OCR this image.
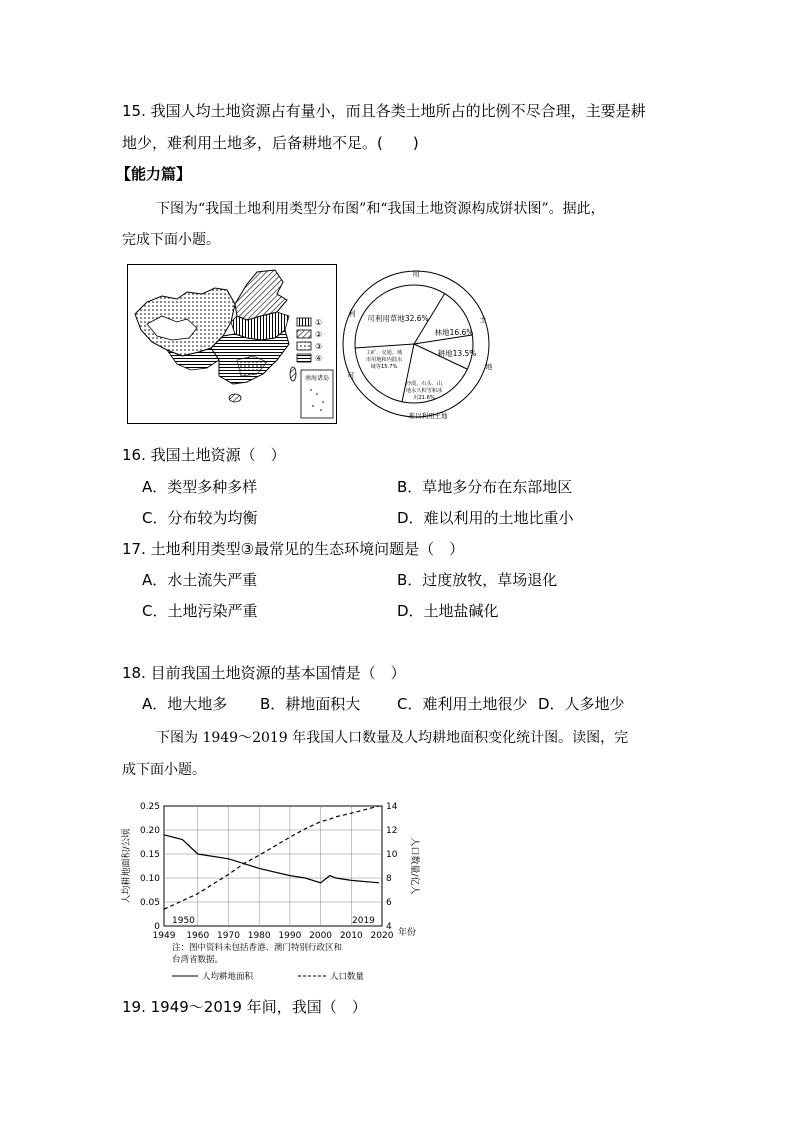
15. 我国人均土地资源占有量小，而且各类土地所占的比例不尽合理，主要是耕
地少，难利用土地多，后备耕地不足。(　　)
【能力篇】
下图为“我国土地利用类型分布图”和“我国土地资源构成饼状图”。据此，
完成下面小题。
①
②
③
④
南海诸岛
用
土
地
利
可
难以利用土地
可利用草地32.6%
林地16.6%
耕地13.5%
工矿、交通、城
市用地和内陆水
域等15.7%
沙漠、石头、山
地永久积雪和冰
川21.6%
16. 我国土地资源（　）
A．类型多种多样	B．草地多分布在东部地区
C．分布较为均衡	D．难以利用的土地比重小
17. 土地利用类型③最常见的生态环境问题是（　）
A．水土流失严重	B．过度放牧，草场退化
C．土地污染严重	D．土地盐碱化
18. 目前我国土地资源的基本国情是（　）
A．地大地多 B．耕地面积大 C．难利用土地很少 D．人多地少
下图为 1949～2019 年我国人口数量及人均耕地面积变化统计图。读图，完
成下面小题。
0
0.05
0.10
0.15
0.20
0.25
4
6
8
10
12
14
1949 1960 1970 1980 1990 2000 2010 2020
1950	2019
年份
人均耕地面积/公顷	人口数量/亿人
注：图中资料未包括香港、澳门特别行政区和
台湾省数据。
人均耕地面积	人口数量
19. 1949～2019 年间，我国（　）
